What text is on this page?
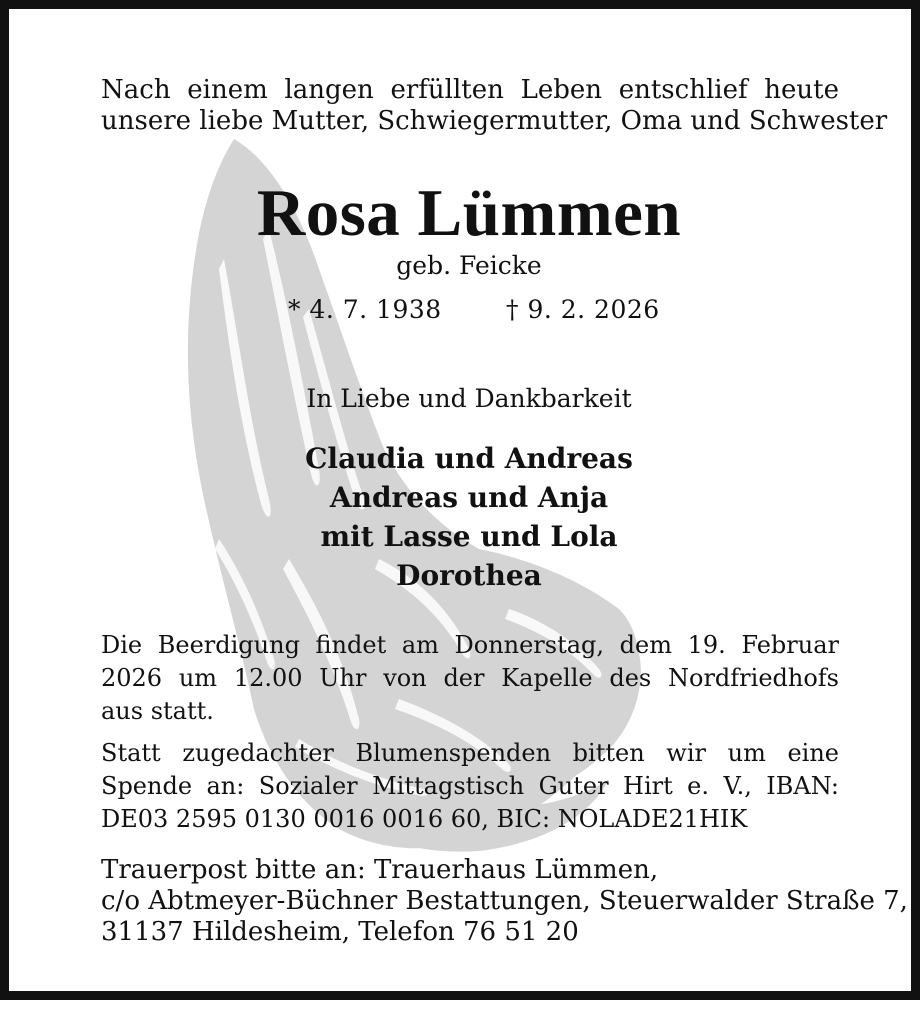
Nach einem langen erfüllten Leben entschlief heute
unsere liebe Mutter, Schwiegermutter, Oma und Schwester
Rosa Lümmen
geb. Feicke
* 4. 7. 1938	† 9. 2. 2026
In Liebe und Dankbarkeit
Claudia und Andreas
Andreas und Anja
mit Lasse und Lola
Dorothea
Die Beerdigung findet am Donnerstag, dem 19. Februar
2026 um 12.00 Uhr von der Kapelle des Nordfriedhofs
aus statt.
Statt zugedachter Blumenspenden bitten wir um eine
Spende an: Sozialer Mittagstisch Guter Hirt e. V., IBAN:
DE03 2595 0130 0016 0016 60, BIC: NOLADE21HIK
Trauerpost bitte an: Trauerhaus Lümmen,
c/o Abtmeyer-Büchner Bestattungen, Steuerwalder Straße 7,
31137 Hildesheim, Telefon 76 51 20
